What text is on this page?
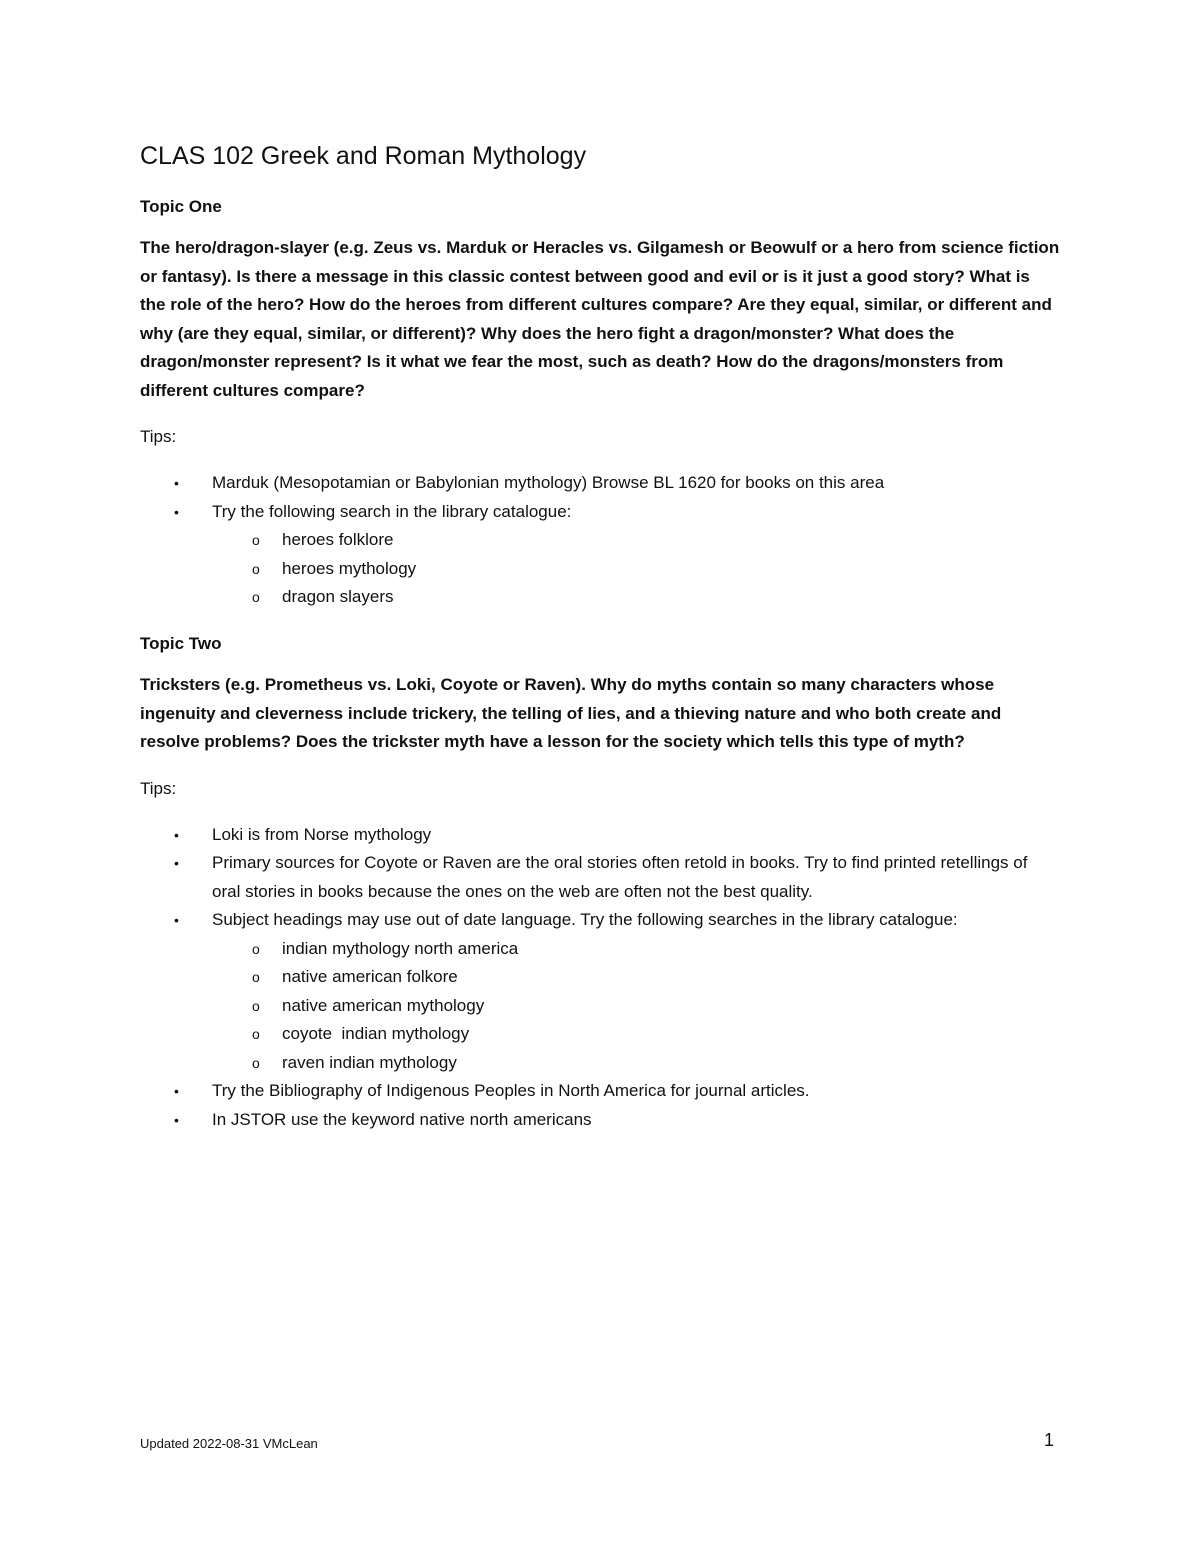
CLAS 102 Greek and Roman Mythology
Topic One

The hero/dragon-slayer (e.g. Zeus vs. Marduk or Heracles vs. Gilgamesh or Beowulf or a hero from science fiction or fantasy). Is there a message in this classic contest between good and evil or is it just a good story? What is the role of the hero? How do the heroes from different cultures compare? Are they equal, similar, or different and why (are they equal, similar, or different)? Why does the hero fight a dragon/monster? What does the dragon/monster represent? Is it what we fear the most, such as death? How do the dragons/monsters from different cultures compare?

Tips:
• Marduk (Mesopotamian or Babylonian mythology) Browse BL 1620 for books on this area
• Try the following search in the library catalogue:
o heroes folklore
o heroes mythology
o dragon slayers
Topic Two

Tricksters (e.g. Prometheus vs. Loki, Coyote or Raven). Why do myths contain so many characters whose ingenuity and cleverness include trickery, the telling of lies, and a thieving nature and who both create and resolve problems? Does the trickster myth have a lesson for the society which tells this type of myth?

Tips:
• Loki is from Norse mythology
• Primary sources for Coyote or Raven are the oral stories often retold in books. Try to find printed retellings of oral stories in books because the ones on the web are often not the best quality.
• Subject headings may use out of date language. Try the following searches in the library catalogue:
o indian mythology north america
o native american folkore
o native american mythology
o coyote  indian mythology
o raven indian mythology
• Try the Bibliography of Indigenous Peoples in North America for journal articles.
• In JSTOR use the keyword native north americans
Updated 2022-08-31 VMcLean	1
